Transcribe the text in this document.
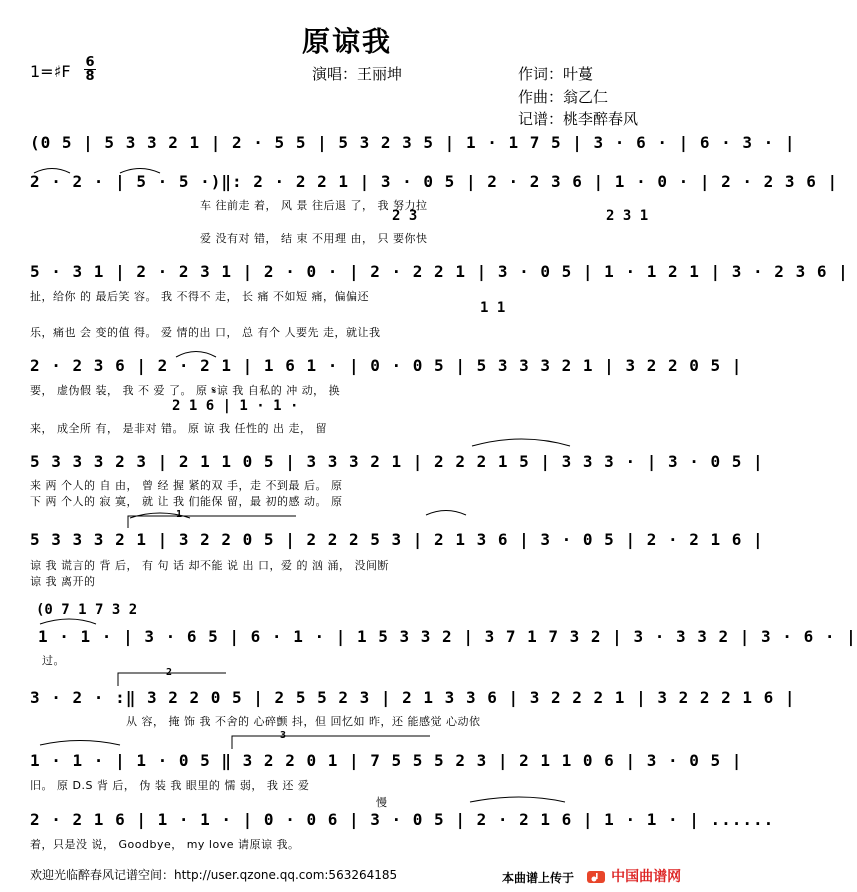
原谅我
1=♯F 6
8	演唱：王丽坤	作词：叶蔓
作曲：翁乙仁
记谱：桃李醉春风
(0 5 | 5 3 3 2 1 | 2 · 5 5 | 5 3 2 3 5 | 1 · 1 7 5 | 3 · 6 · | 6 · 3 · |
2 · 2 · | 5 · 5 ·)‖: 2 · 2 2 1 | 3 · 0 5 | 2 · 2 3 6 | 1 · 0 · | 2 · 2 3 6 |
车 往前走 着， 风 景 往后退 了， 我 努力拉
2 3	2 3 1
爱 没有对 错， 结 束 不用理 由， 只 要你快
5 · 3 1 | 2 · 2 3 1 | 2 · 0 · | 2 · 2 2 1 | 3 · 0 5 | 1 · 1 2 1 | 3 · 2 3 6 |
扯，给你 的 最后笑 容。 我 不得不 走， 长 痛 不如短 痛，偏偏还
1 1
乐，痛也 会 变的值 得。 爱 情的出 口， 总 有个 人要先 走，就让我
2 · 2 3 6 | 2 · 2 1 | 1 6 1 · | 0 · 0 5 | 5 3 3 3 2 1 | 3 2 2 0 5 |
要， 虚伪假 装， 我 不 爱 了。 原 𝄋谅 我 自私的 冲 动， 换
2 1 6 | 1 · 1 ·
来， 成全所 有， 是非对 错。 原 谅 我 任性的 出 走， 留
5 3 3 3 2 3 | 2 1 1 0 5 | 3 3 3 2 1 | 2 2 2 1 5 | 3 3 3 · | 3 · 0 5 |
来 两 个人的 自 由， 曾 经 握 紧的双 手，走 不到最 后。 原
下 两 个人的 寂 寞， 就 让 我 们能保 留，最 初的感 动。 原
1
5 3 3 3 2 1 | 3 2 2 0 5 | 2 2 2 5 3 | 2 1 3 6 | 3 · 0 5 | 2 · 2 1 6 |
谅 我 谎言的 背 后， 有 句 话 却不能 说 出 口，爱 的 汹 涌， 没间断
谅 我 离开的
(0 7 1 7 3 2
1 · 1 · | 3 · 6 5 | 6 · 1 · | 1 5 3 3 2 | 3 7 1 7 3 2 | 3 · 3 3 2 | 3 · 6 · |
过。
2
3 · 2 · :‖ 3 2 2 0 5 | 2 5 5 2 3 | 2 1 3 3 6 | 3 2 2 2 1 | 3 2 2 2 1 6 |
从 容， 掩 饰 我 不舍的 心碎颤 抖，但 回忆如 昨，还 能感觉 心动依
3
1 · 1 · | 1 · 0 5 ‖ 3 2 2 0 1 | 7 5 5 5 2 3 | 2 1 1 0 6 | 3 · 0 5 |
旧。 原 D.S 背 后， 伪 装 我 眼里的 懦 弱， 我 还 爱
慢
2 · 2 1 6 | 1 · 1 · | 0 · 0 6 | 3 · 0 5 | 2 · 2 1 6 | 1 · 1 · | ......
着，只是没 说， Goodbye， my love 请原谅 我。
欢迎光临醉春风记谱空间：http://user.qzone.qq.com:563264185	本曲谱上传于	中国曲谱网
